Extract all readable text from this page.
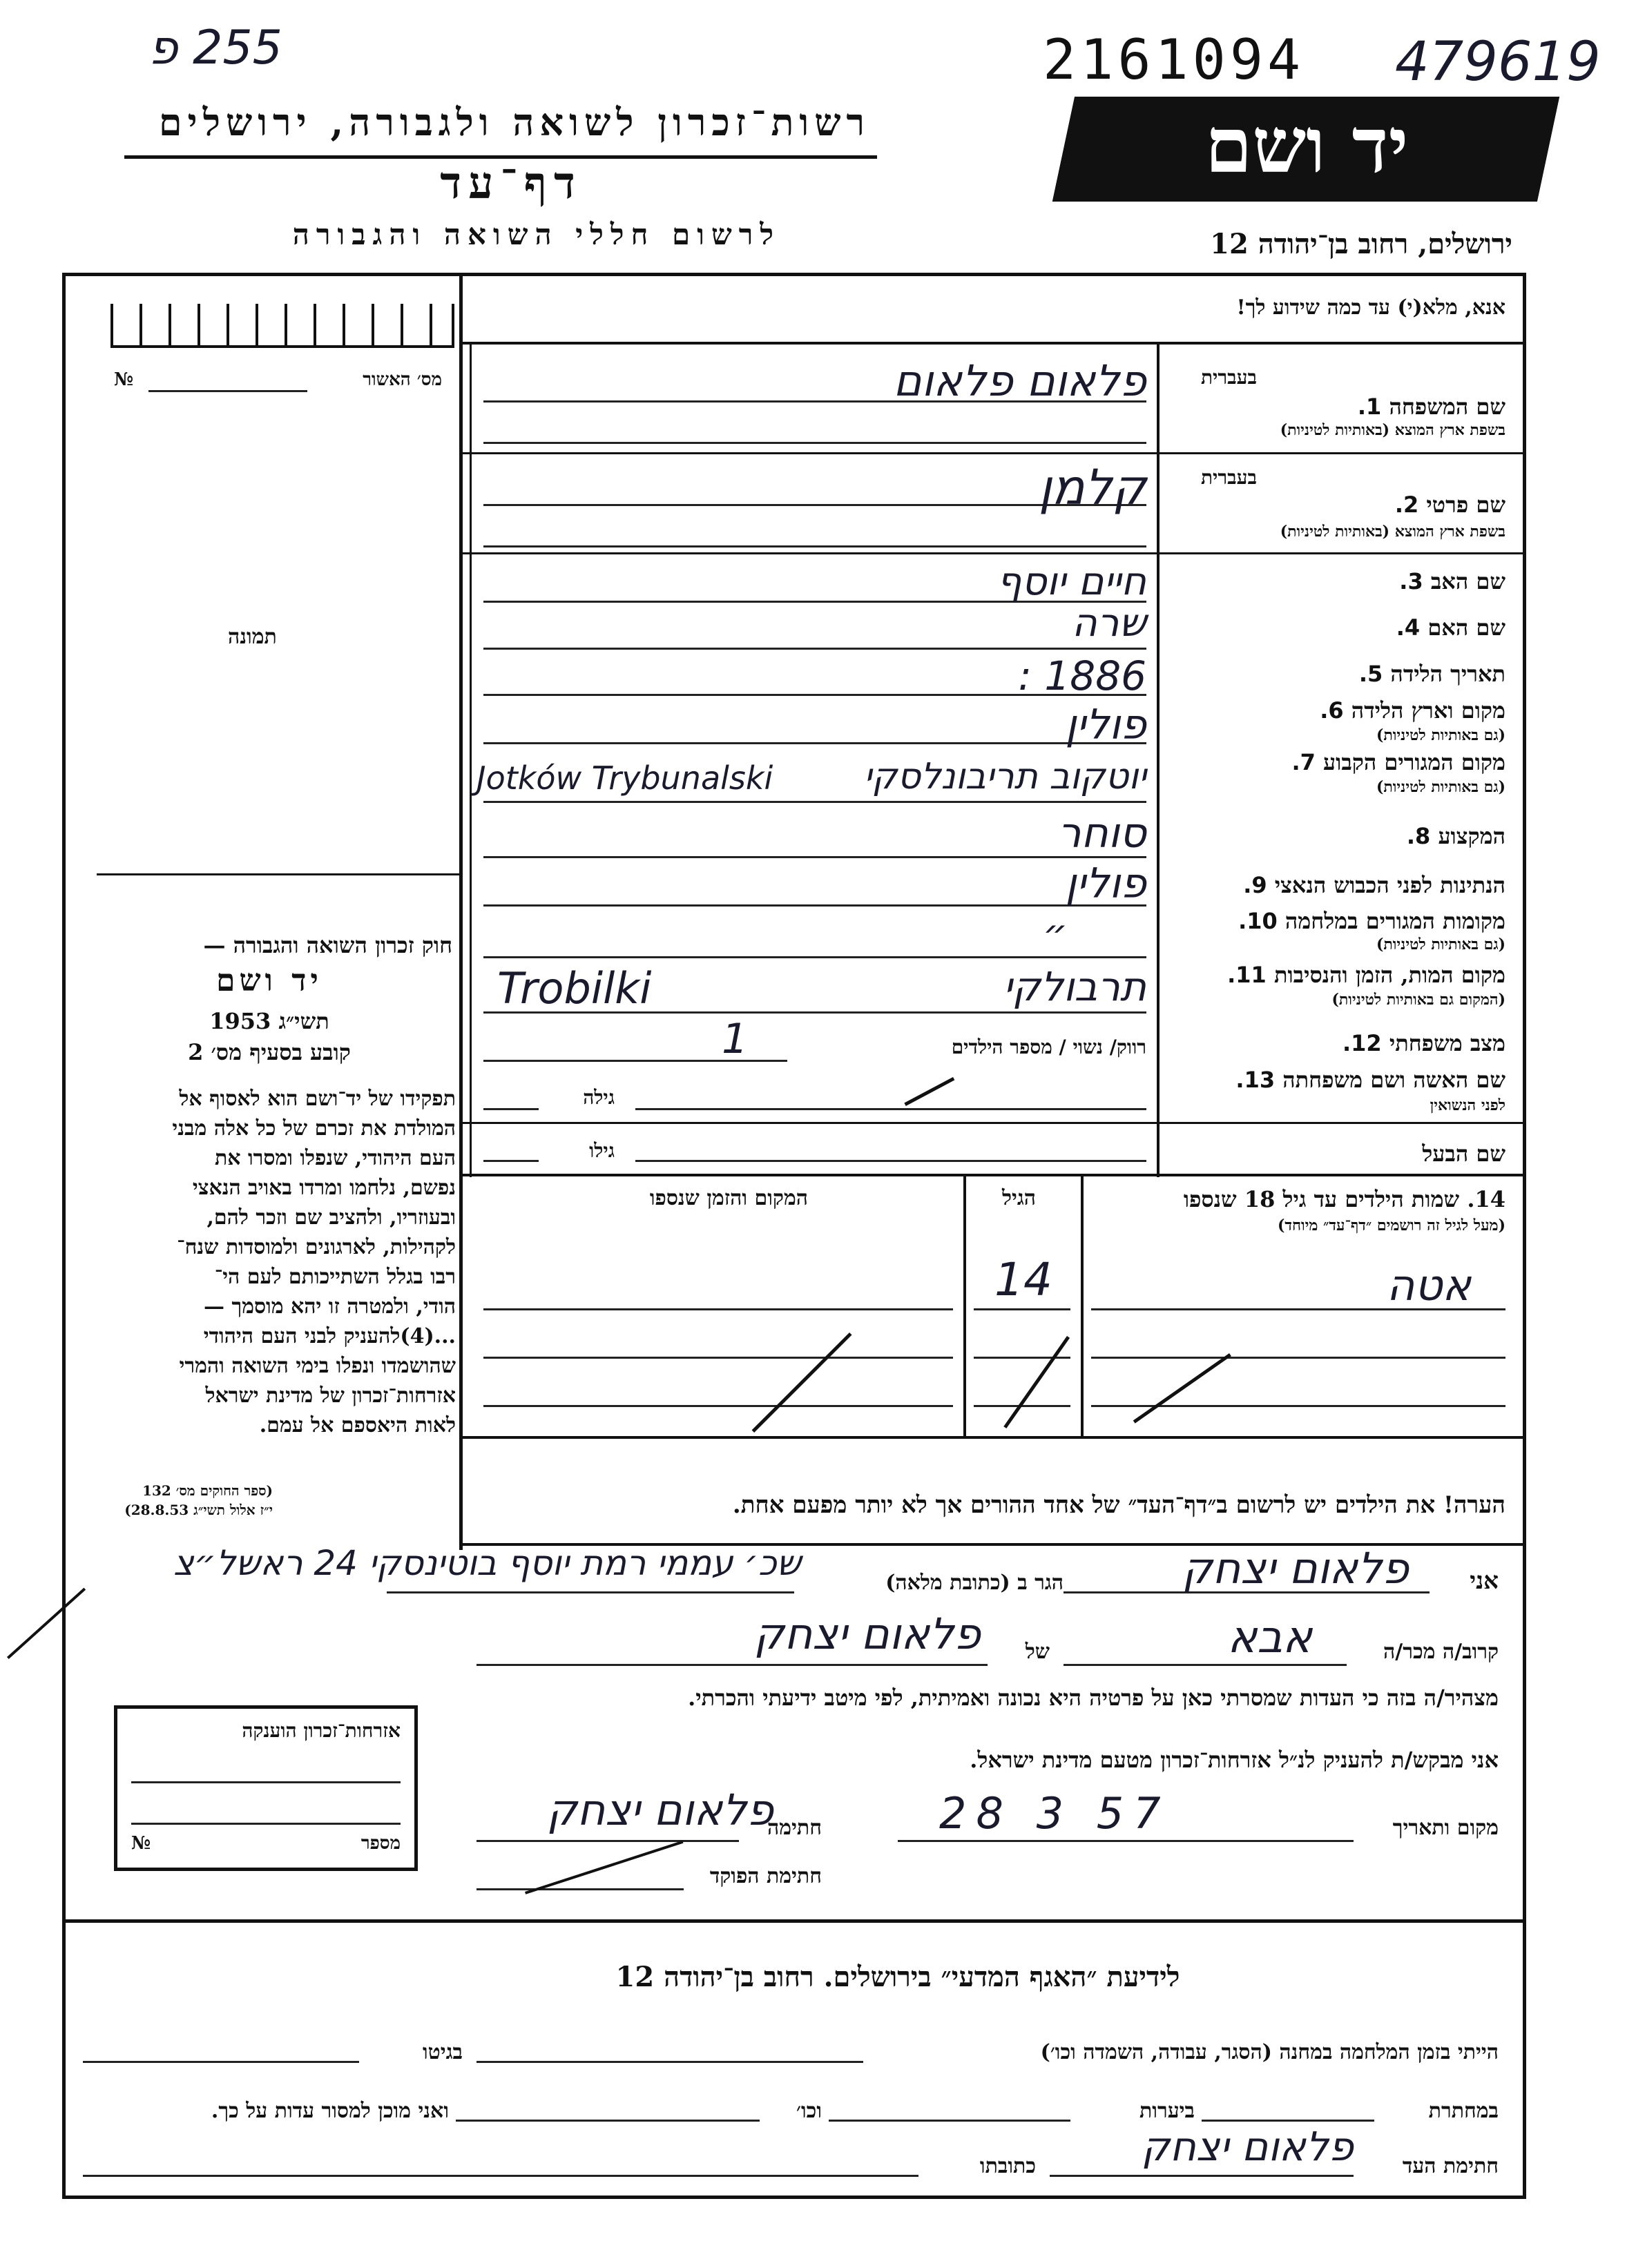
255 פ	2161094 479619
רשות־זכרון לשואה ולגבורה, ירושלים
דף־עד
לרשום חללי השואה והגבורה
יד ושם
ירושלים, רחוב בן־יהודה 12
מס׳ האשור
№
תמונה
חוק זכרון השואה והגבורה —
יד ושם
תשי״ג 1953
קובע בסעיף מס׳ 2
תפקידו של יד־ושם הוא לאסוף אל
המולדת את זכרם של כל אלה מבני
העם היהודי, שנפלו ומסרו את
נפשם, נלחמו ומרדו באויב הנאצי
ובעוזריו, ולהציב שם וזכר להם,
לקהילות, לארגונים ולמוסדות שנח־
רבו בגלל השתייכותם לעם הי־
הודי, ולמטרה זו יהא מוסמך —
...(4)להעניק לבני העם היהודי
שהושמדו ונפלו בימי השואה והמרי
אזרחות־זכרון של מדינת ישראל
לאות היאספם אל עמם.
(ספר החוקים מס׳ 132
י״ז אלול תשי״ג 28.8.53)
אנא, מלא(י) עד כמה שידוע לך!
בעברית
שם המשפחה 1.
בשפת ארץ המוצא (באותיות לטיניות)
פלאום פלאום
בעברית
שם פרטי 2.
בשפת ארץ המוצא (באותיות לטיניות)
קלמן
שם האב 3.
חיים יוסף
שם האם 4.
שרה
תאריך הלידה 5.
1886 :
מקום וארץ הלידה 6.
(גם באותיות לטיניות)
פולין
מקום המגורים הקבוע 7.
(גם באותיות לטיניות)
יוטקוב תריבונלסקי
Jotków Trybunalski
המקצוע 8.
סוחר
הנתינות לפני הכבוש הנאצי 9.
פולין
מקומות המגורים במלחמה 10.
(גם באותיות לטיניות)
״
מקום המות, הזמן והנסיבות 11.
(המקום גם באותיות לטיניות)
תרבולקי
Trobilki
מצב משפחתי 12.
רווק/ נשוי / מספר הילדים
1
שם האשה ושם משפחתה 13.
לפני הנשואין
גילה
שם הבעל
גילו
14. שמות הילדים עד גיל 18 שנספו
(מעל לגיל זה רושמים ״דף־עד״ מיוחד)
הגיל
המקום והזמן שנספו
אטה
14
הערה! את הילדים יש לרשום ב״דף־העד״ של אחד ההורים אך לא יותר מפעם אחת.
אני
פלאום יצחק
הגר ב (כתובת מלאה)
שכ׳ עממי רמת יוסף בוטינסקי 24 ראשל״צ
קרוב/ה מכר/ה
אבא
של
פלאום יצחק
מצהיר/ה בזה כי העדות שמסרתי כאן על פרטיה היא נכונה ואמיתית, לפי מיטב ידיעתי והכרתי.
אני מבקש/ת להעניק לנ״ל אזרחות־זכרון מטעם מדינת ישראל.
מקום ותאריך
28 3 57
חתימה
פלאום יצחק
חתימת הפוקד
אזרחות־זכרון הוענקה
מספר
№
לידיעת ״האגף המדעי״ בירושלים. רחוב בן־יהודה 12
הייתי בזמן המלחמה במחנה (הסגר, עבודה, השמדה וכו׳)
בגיטו
במחתרת
ביערות
וכו׳
ואני מוכן למסור עדות על כך.
חתימת העד
פלאום יצחק
כתובתו
